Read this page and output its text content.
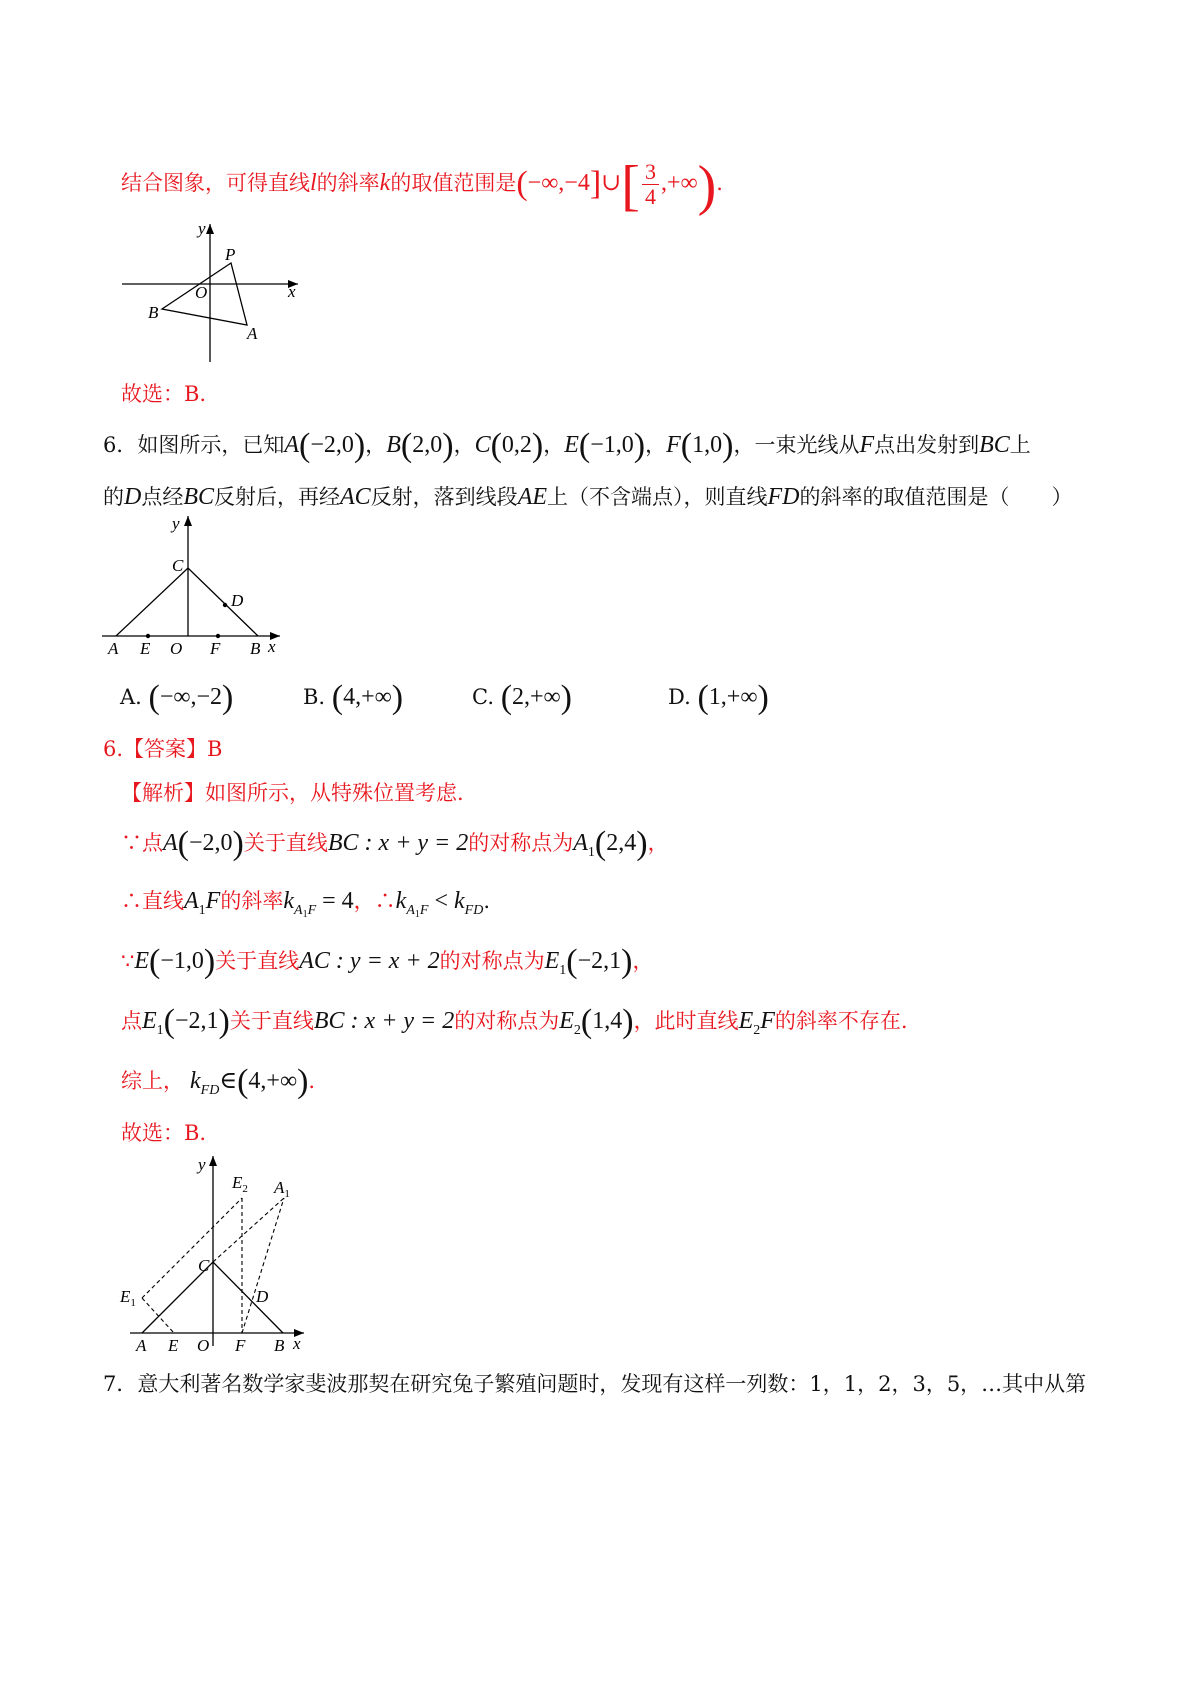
结合图象，可得直线l的斜率k的取值范围是(−∞,−4]∪[ $\frac{3}{4}$ ,+∞).
y
P
O	x
B
A
故选：B.
6．如图所示，已知A(−2,0)，B(2,0)，C(0,2)，E(−1,0)，F(1,0)，一束光线从F点出发射到BC上
的D点经BC反射后，再经AC反射，落到线段AE上（不含端点），则直线FD的斜率的取值范围是（　　）
y
C
D
A E O F B x
A. (−∞,−2)	B. (4,+∞)	C. (2,+∞)	D. (1,+∞)
6.【答案】B
【解析】如图所示，从特殊位置考虑.
∵点A(−2,0)关于直线BC : x + y = 2的对称点为$A_1(2,4)$，
∴直线$A_1F$的斜率$k_{A_1F} = 4$，$\therefore k_{A_1F} < k_{FD}$.
∵E(−1,0)关于直线AC : y = x + 2的对称点为$E_1(-2,1)$，
点$E_1(-2,1)$关于直线BC : x + y = 2的对称点为$E_2(1,4)$，此时直线$E_2F$的斜率不存在.
综上， $k_{FD}\in(4,+\infty)$.
故选：B.
y
$E_2$ $A_1$
C
D
$E_1$
A E O F B x
7．意大利著名数学家斐波那契在研究兔子繁殖问题时，发现有这样一列数：1，1，2，3，5，…其中从第
